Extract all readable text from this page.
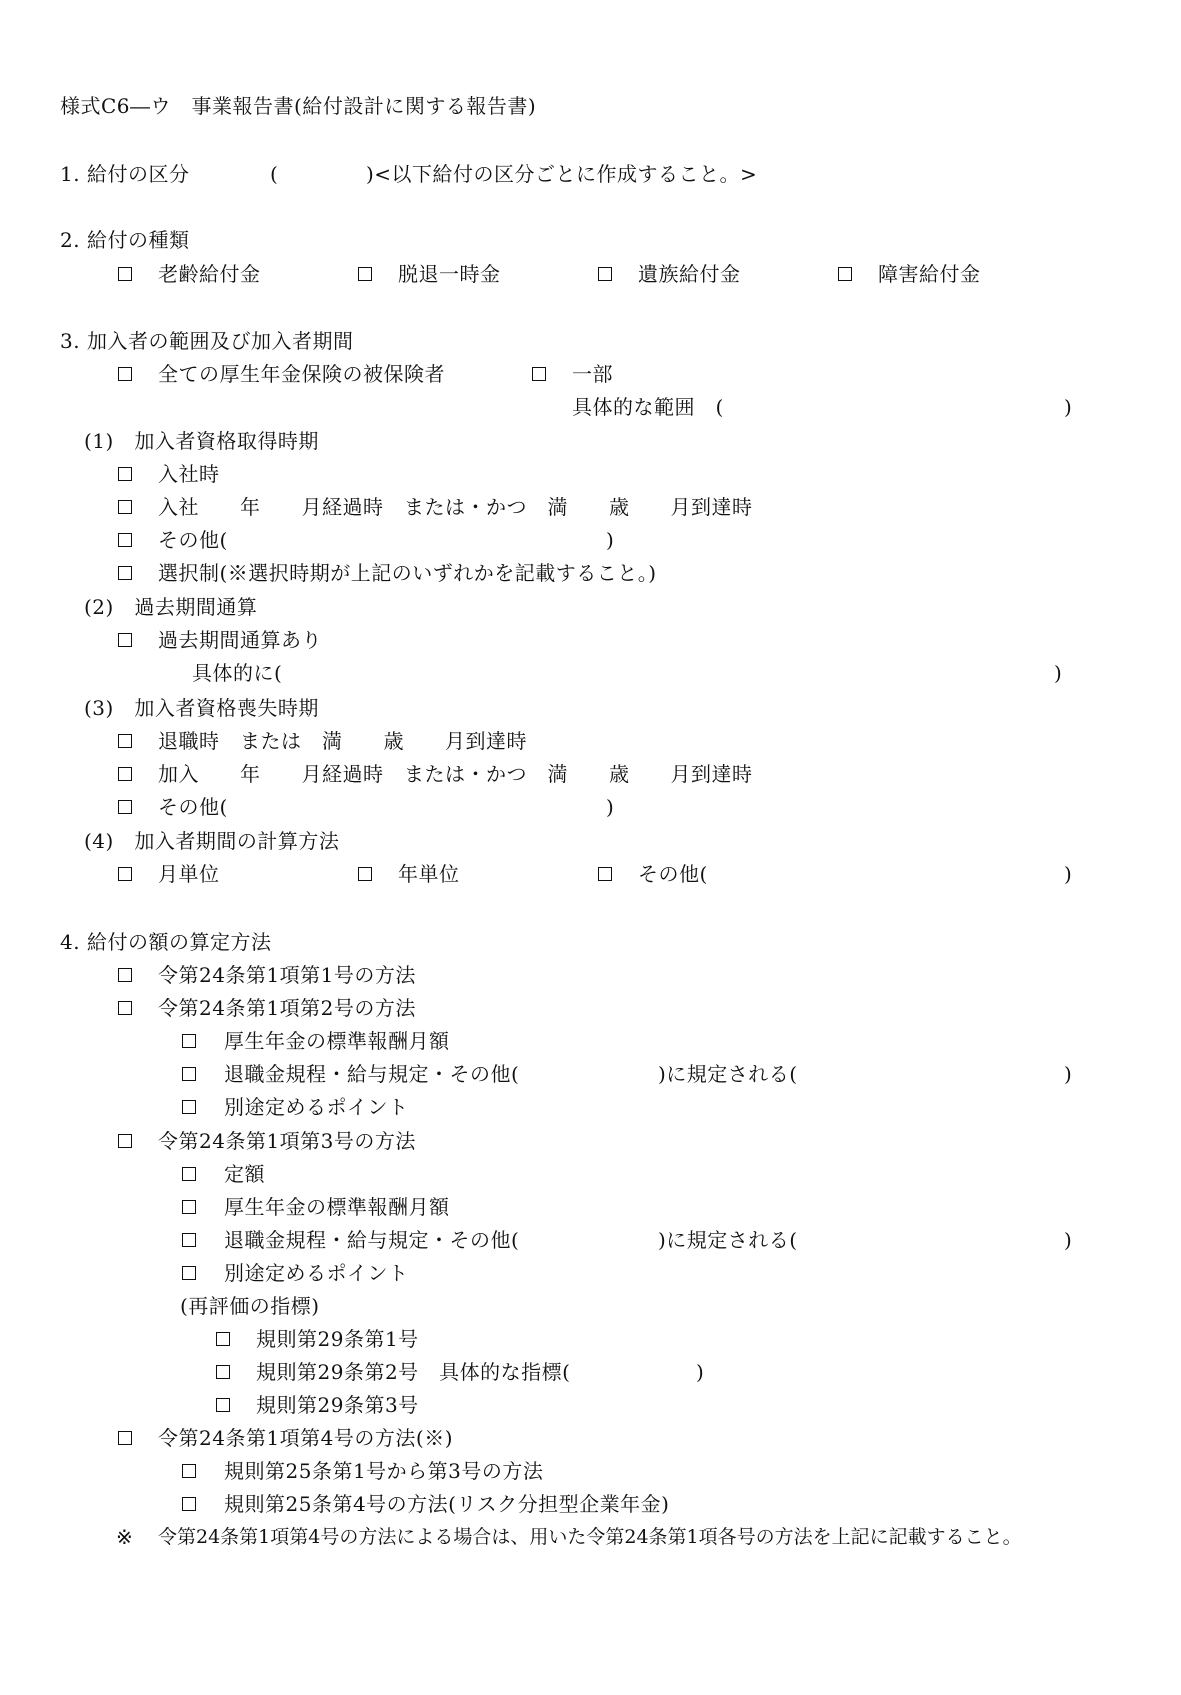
様式C6―ウ　事業報告書(給付設計に関する報告書)
1. 給付の区分	(	)<以下給付の区分ごとに作成すること。>
2. 給付の種類
老齢給付金	脱退一時金	遺族給付金	障害給付金
3. 加入者の範囲及び加入者期間
全ての厚生年金保険の被保険者	一部
具体的な範囲　(	)
(1)　加入者資格取得時期
入社時
入社　　年　　月経過時　または・かつ　満　　歳　　月到達時
その他(	)
選択制(※選択時期が上記のいずれかを記載すること。)
(2)　過去期間通算
過去期間通算あり
具体的に(	)
(3)　加入者資格喪失時期
退職時　または　満　　歳　　月到達時
加入　　年　　月経過時　または・かつ　満　　歳　　月到達時
その他(	)
(4)　加入者期間の計算方法
月単位	年単位	その他(	)
4. 給付の額の算定方法
令第24条第1項第1号の方法
令第24条第1項第2号の方法
厚生年金の標準報酬月額
退職金規程・給与規定・その他(	)に規定される(	)
別途定めるポイント
令第24条第1項第3号の方法
定額
厚生年金の標準報酬月額
退職金規程・給与規定・その他(	)に規定される(	)
別途定めるポイント
(再評価の指標)
規則第29条第1号
規則第29条第2号　具体的な指標(	)
規則第29条第3号
令第24条第1項第4号の方法(※)
規則第25条第1号から第3号の方法
規則第25条第4号の方法(リスク分担型企業年金)
※ 令第24条第1項第4号の方法による場合は、用いた令第24条第1項各号の方法を上記に記載すること。
